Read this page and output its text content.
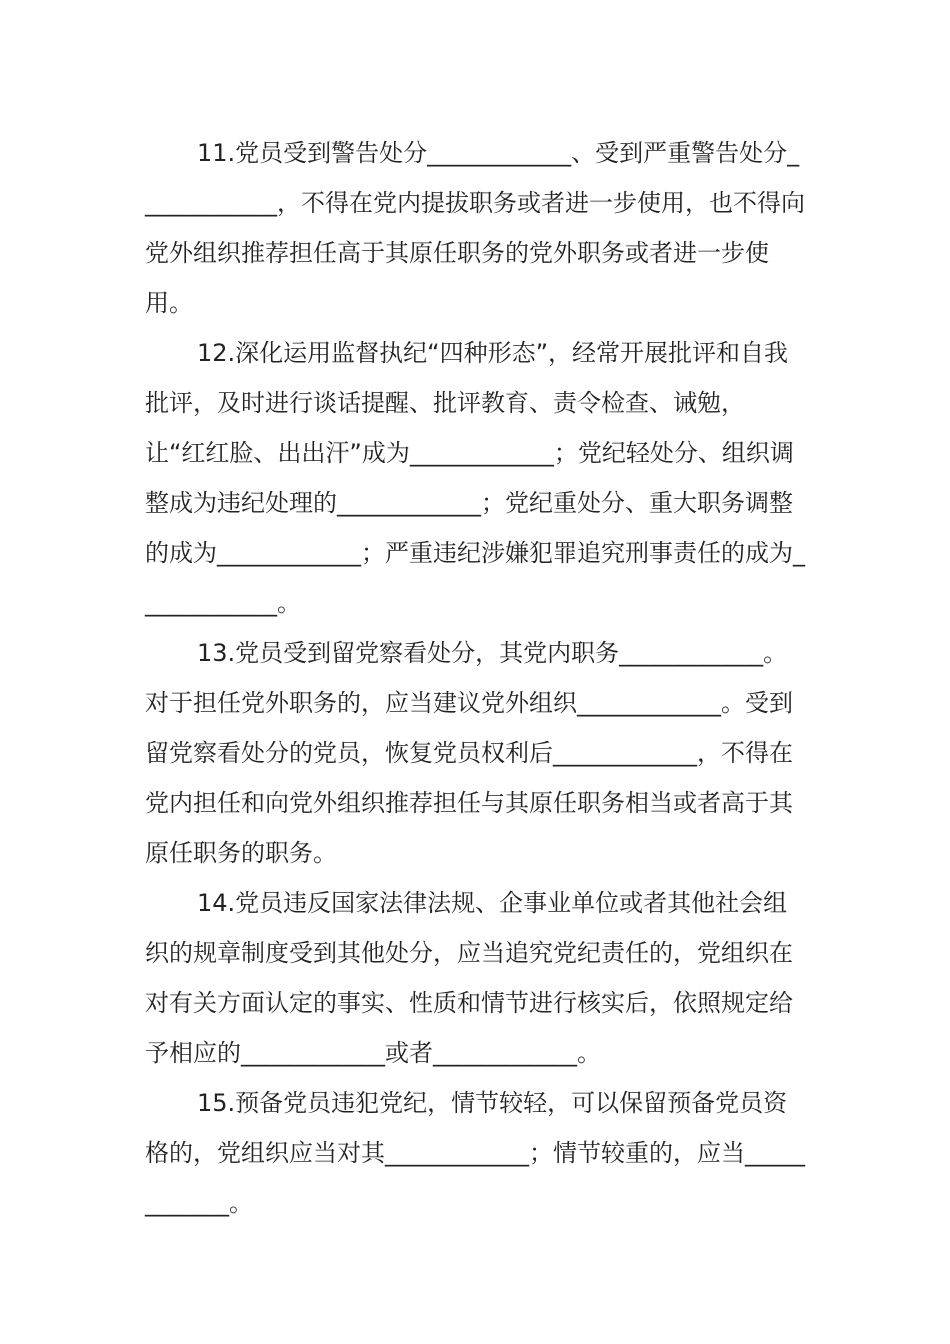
11.党员受到警告处分____________、受到严重警告处分____________，不得在党内提拔职务或者进一步使用，也不得向党外组织推荐担任高于其原任职务的党外职务或者进一步使用。

12.深化运用监督执纪“四种形态”，经常开展批评和自我批评，及时进行谈话提醒、批评教育、责令检查、诫勉，让“红红脸、出出汗”成为____________；党纪轻处分、组织调整成为违纪处理的____________；党纪重处分、重大职务调整的成为____________；严重违纪涉嫌犯罪追究刑事责任的成为____________。

13.党员受到留党察看处分，其党内职务____________。对于担任党外职务的，应当建议党外组织____________。受到留党察看处分的党员，恢复党员权利后____________，不得在党内担任和向党外组织推荐担任与其原任职务相当或者高于其原任职务的职务。

14.党员违反国家法律法规、企事业单位或者其他社会组织的规章制度受到其他处分，应当追究党纪责任的，党组织在对有关方面认定的事实、性质和情节进行核实后，依照规定给予相应的____________或者____________。

15.预备党员违犯党纪，情节较轻，可以保留预备党员资格的，党组织应当对其____________；情节较重的，应当____________。
